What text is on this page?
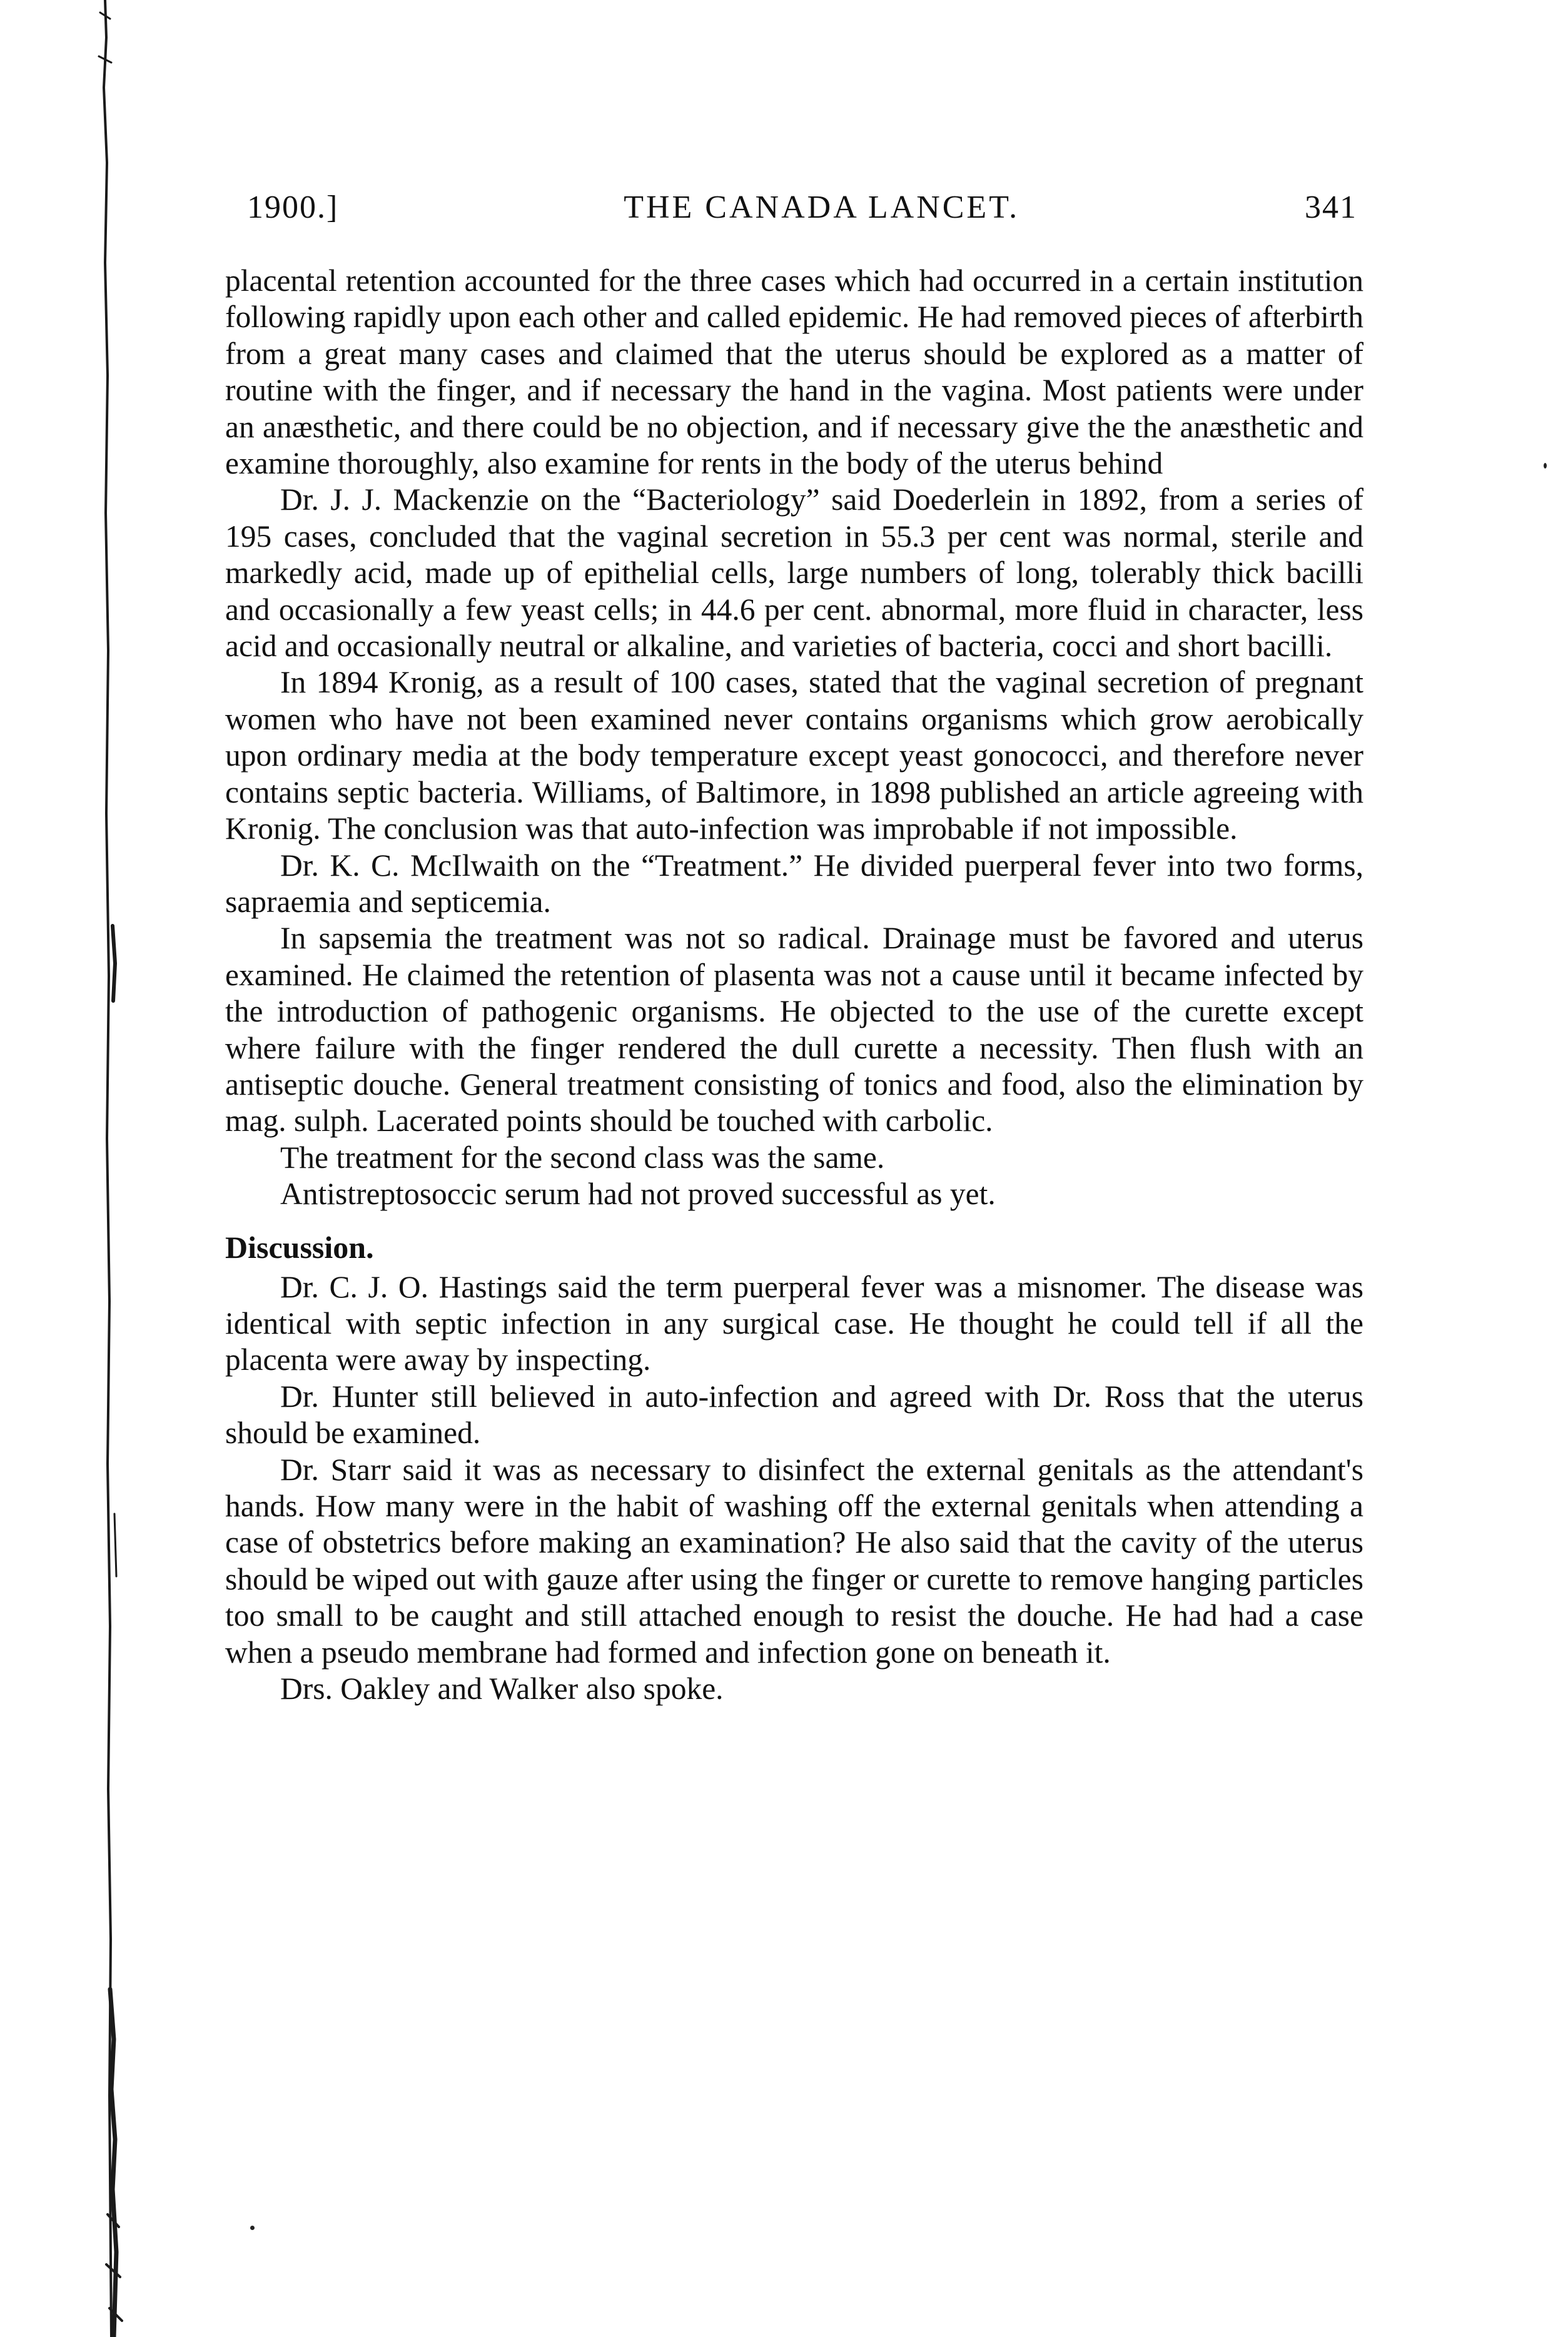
1900.]	THE CANADA LANCET.	341

placental retention accounted for the three cases which had occurred in a certain institution following rapidly upon each other and called epidemic. He had removed pieces of afterbirth from a great many cases and claimed that the uterus should be explored as a matter of routine with the finger, and if necessary the hand in the vagina. Most patients were under an anæsthetic, and there could be no objection, and if necessary give the the anæsthetic and examine thoroughly, also examine for rents in the body of the uterus behind

Dr. J. J. Mackenzie on the “Bacteriology” said Doederlein in 1892, from a series of 195 cases, concluded that the vaginal secretion in 55.3 per cent was normal, sterile and markedly acid, made up of epithelial cells, large numbers of long, tolerably thick bacilli and occasionally a few yeast cells; in 44.6 per cent. abnormal, more fluid in character, less acid and occasionally neutral or alkaline, and varieties of bacteria, cocci and short bacilli.

In 1894 Kronig, as a result of 100 cases, stated that the vaginal secretion of pregnant women who have not been examined never contains organisms which grow aerobically upon ordinary media at the body temperature except yeast gonococci, and therefore never contains septic bacteria. Williams, of Baltimore, in 1898 published an article agreeing with Kronig. The conclusion was that auto-infection was improbable if not impossible.

Dr. K. C. McIlwaith on the “Treatment.” He divided puerperal fever into two forms, sapraemia and septicemia.

In sapsemia the treatment was not so radical. Drainage must be favored and uterus examined. He claimed the retention of plasenta was not a cause until it became infected by the introduction of pathogenic organisms. He objected to the use of the curette except where failure with the finger rendered the dull curette a necessity. Then flush with an antiseptic douche. General treatment consisting of tonics and food, also the elimination by mag. sulph. Lacerated points should be touched with carbolic.

The treatment for the second class was the same.

Antistreptosoccic serum had not proved successful as yet.

Discussion.

Dr. C. J. O. Hastings said the term puerperal fever was a misnomer. The disease was identical with septic infection in any surgical case. He thought he could tell if all the placenta were away by inspecting.

Dr. Hunter still believed in auto-infection and agreed with Dr. Ross that the uterus should be examined.

Dr. Starr said it was as necessary to disinfect the external genitals as the attendant's hands. How many were in the habit of washing off the external genitals when attending a case of obstetrics before making an examination? He also said that the cavity of the uterus should be wiped out with gauze after using the finger or curette to remove hanging particles too small to be caught and still attached enough to resist the douche. He had had a case when a pseudo membrane had formed and infection gone on beneath it.

Drs. Oakley and Walker also spoke.
